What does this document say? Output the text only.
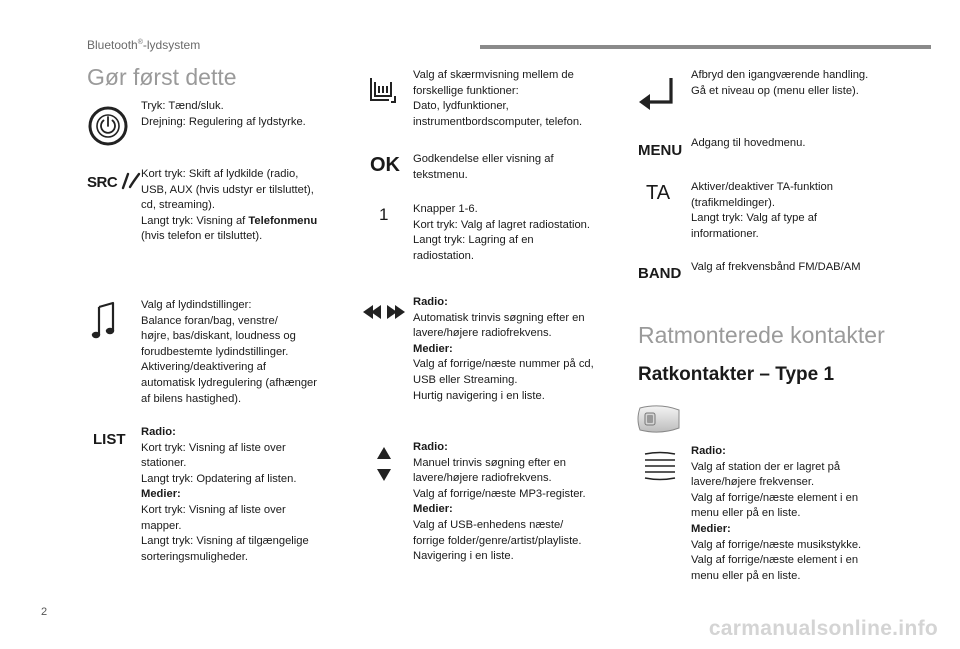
Bluetooth®-lydsystem
Gør først dette
Tryk: Tænd/sluk.
Drejning: Regulering af lydstyrke.
SRC	Kort tryk: Skift af lydkilde (radio,
USB, AUX (hvis udstyr er tilsluttet),
cd, streaming).
Langt tryk: Visning af Telefonmenu
(hvis telefon er tilsluttet).
Valg af lydindstillinger:
Balance foran/bag, venstre/
højre, bas/diskant, loudness og
forudbestemte lydindstillinger.
Aktivering/deaktivering af
automatisk lydregulering (afhænger
af bilens hastighed).
LIST Radio:
Kort tryk: Visning af liste over
stationer.
Langt tryk: Opdatering af listen.
Medier:
Kort tryk: Visning af liste over
mapper.
Langt tryk: Visning af tilgængelige
sorteringsmuligheder.
Valg af skærmvisning mellem de
forskellige funktioner:
Dato, lydfunktioner,
instrumentbordscomputer, telefon.
OK Godkendelse eller visning af
tekstmenu.
1 Knapper 1-6.
Kort tryk: Valg af lagret radiostation.
Langt tryk: Lagring af en
radiostation.
Radio:
Automatisk trinvis søgning efter en
lavere/højere radiofrekvens.
Medier:
Valg af forrige/næste nummer på cd,
USB eller Streaming.
Hurtig navigering i en liste.
Radio:
Manuel trinvis søgning efter en
lavere/højere radiofrekvens.
Valg af forrige/næste MP3-register.
Medier:
Valg af USB-enhedens næste/
forrige folder/genre/artist/playliste.
Navigering i en liste.
Afbryd den igangværende handling.
Gå et niveau op (menu eller liste).
MENU Adgang til hovedmenu.
TA Aktiver/deaktiver TA-funktion
(trafikmeldinger).
Langt tryk: Valg af type af
informationer.
BAND Valg af frekvensbånd FM/DAB/AM
Ratmonterede kontakter
Ratkontakter – Type 1
Radio:
Valg af station der er lagret på
lavere/højere frekvenser.
Valg af forrige/næste element i en
menu eller på en liste.
Medier:
Valg af forrige/næste musikstykke.
Valg af forrige/næste element i en
menu eller på en liste.
2
carmanualsonline.info
